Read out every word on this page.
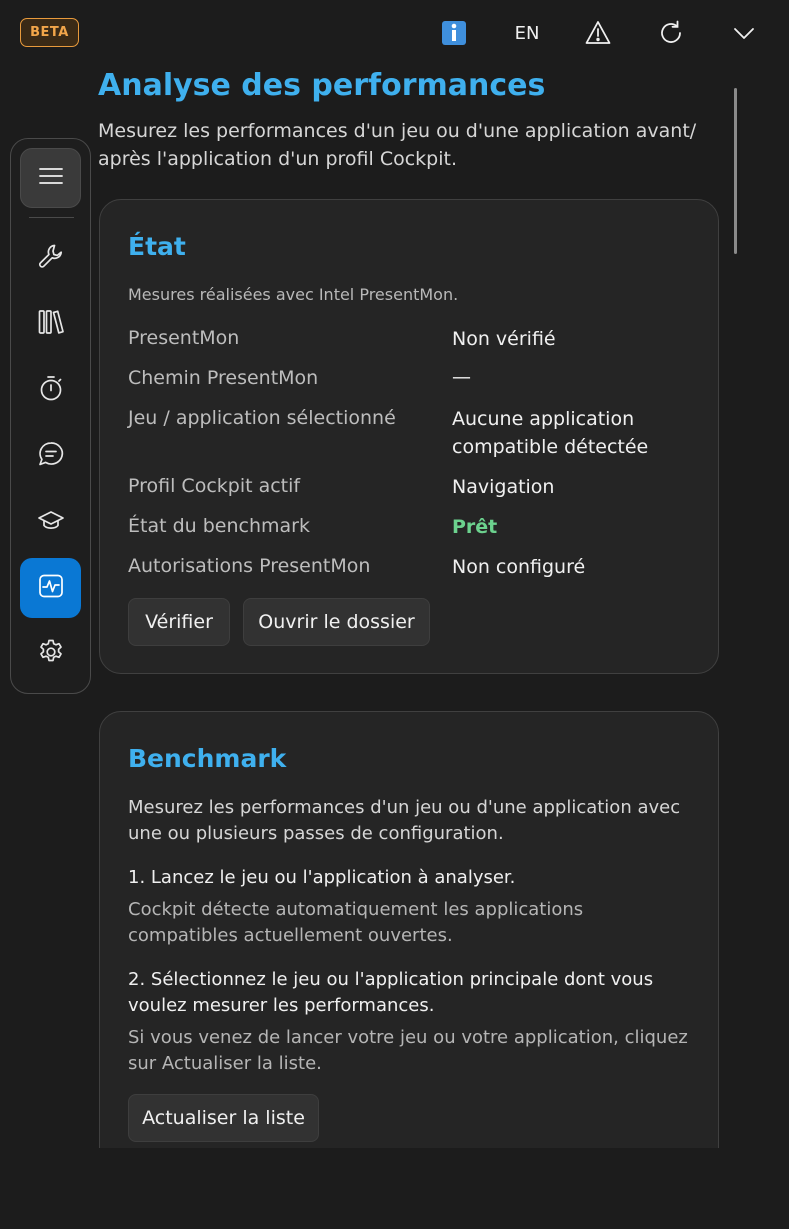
BETA	EN
Analyse des performances
Mesurez les performances d'un jeu ou d'une application avant/ après l'application d'un profil Cockpit.
État
Mesures réalisées avec Intel PresentMon.
PresentMon	Non vérifié
Chemin PresentMon	—
Jeu / application sélectionné	Aucune application compatible détectée
Profil Cockpit actif	Navigation
État du benchmark	Prêt
Autorisations PresentMon	Non configuré
Vérifier	Ouvrir le dossier
Benchmark
Mesurez les performances d'un jeu ou d'une application avec une ou plusieurs passes de configuration.
1. Lancez le jeu ou l'application à analyser.
Cockpit détecte automatiquement les applications compatibles actuellement ouvertes.
2. Sélectionnez le jeu ou l'application principale dont vous voulez mesurer les performances.
Si vous venez de lancer votre jeu ou votre application, cliquez sur Actualiser la liste.
Actualiser la liste
